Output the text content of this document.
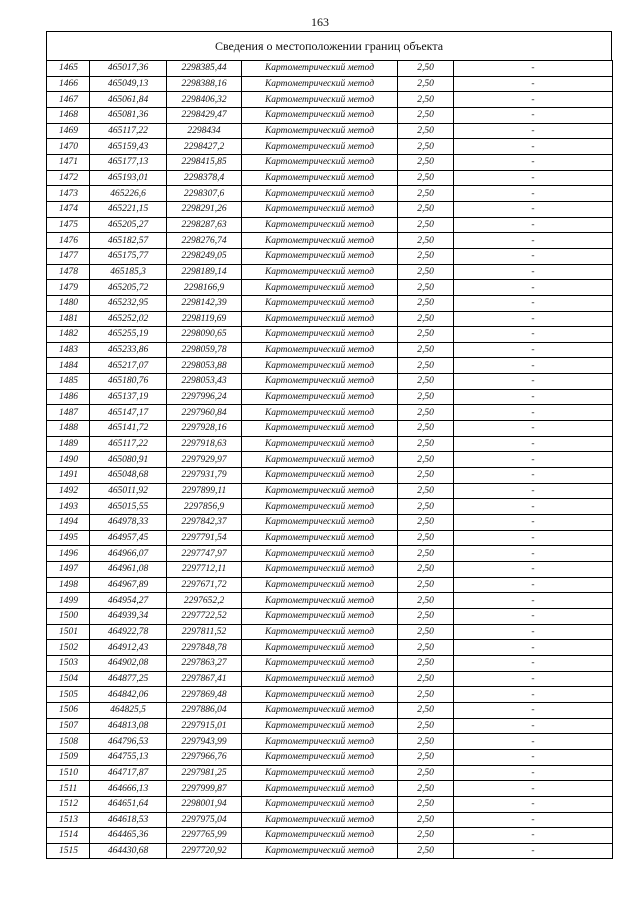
163
Сведения о местоположении границ объекта
1465	465017,36	2298385,44	Картометрический метод	2,50	-
1466	465049,13	2298388,16	Картометрический метод	2,50	-
1467	465061,84	2298406,32	Картометрический метод	2,50	-
1468	465081,36	2298429,47	Картометрический метод	2,50	-
1469	465117,22	2298434	Картометрический метод	2,50	-
1470	465159,43	2298427,2	Картометрический метод	2,50	-
1471	465177,13	2298415,85	Картометрический метод	2,50	-
1472	465193,01	2298378,4	Картометрический метод	2,50	-
1473	465226,6	2298307,6	Картометрический метод	2,50	-
1474	465221,15	2298291,26	Картометрический метод	2,50	-
1475	465205,27	2298287,63	Картометрический метод	2,50	-
1476	465182,57	2298276,74	Картометрический метод	2,50	-
1477	465175,77	2298249,05	Картометрический метод	2,50	-
1478	465185,3	2298189,14	Картометрический метод	2,50	-
1479	465205,72	2298166,9	Картометрический метод	2,50	-
1480	465232,95	2298142,39	Картометрический метод	2,50	-
1481	465252,02	2298119,69	Картометрический метод	2,50	-
1482	465255,19	2298090,65	Картометрический метод	2,50	-
1483	465233,86	2298059,78	Картометрический метод	2,50	-
1484	465217,07	2298053,88	Картометрический метод	2,50	-
1485	465180,76	2298053,43	Картометрический метод	2,50	-
1486	465137,19	2297996,24	Картометрический метод	2,50	-
1487	465147,17	2297960,84	Картометрический метод	2,50	-
1488	465141,72	2297928,16	Картометрический метод	2,50	-
1489	465117,22	2297918,63	Картометрический метод	2,50	-
1490	465080,91	2297929,97	Картометрический метод	2,50	-
1491	465048,68	2297931,79	Картометрический метод	2,50	-
1492	465011,92	2297899,11	Картометрический метод	2,50	-
1493	465015,55	2297856,9	Картометрический метод	2,50	-
1494	464978,33	2297842,37	Картометрический метод	2,50	-
1495	464957,45	2297791,54	Картометрический метод	2,50	-
1496	464966,07	2297747,97	Картометрический метод	2,50	-
1497	464961,08	2297712,11	Картометрический метод	2,50	-
1498	464967,89	2297671,72	Картометрический метод	2,50	-
1499	464954,27	2297652,2	Картометрический метод	2,50	-
1500	464939,34	2297722,52	Картометрический метод	2,50	-
1501	464922,78	2297811,52	Картометрический метод	2,50	-
1502	464912,43	2297848,78	Картометрический метод	2,50	-
1503	464902,08	2297863,27	Картометрический метод	2,50	-
1504	464877,25	2297867,41	Картометрический метод	2,50	-
1505	464842,06	2297869,48	Картометрический метод	2,50	-
1506	464825,5	2297886,04	Картометрический метод	2,50	-
1507	464813,08	2297915,01	Картометрический метод	2,50	-
1508	464796,53	2297943,99	Картометрический метод	2,50	-
1509	464755,13	2297966,76	Картометрический метод	2,50	-
1510	464717,87	2297981,25	Картометрический метод	2,50	-
1511	464666,13	2297999,87	Картометрический метод	2,50	-
1512	464651,64	2298001,94	Картометрический метод	2,50	-
1513	464618,53	2297975,04	Картометрический метод	2,50	-
1514	464465,36	2297765,99	Картометрический метод	2,50	-
1515	464430,68	2297720,92	Картометрический метод	2,50	-
